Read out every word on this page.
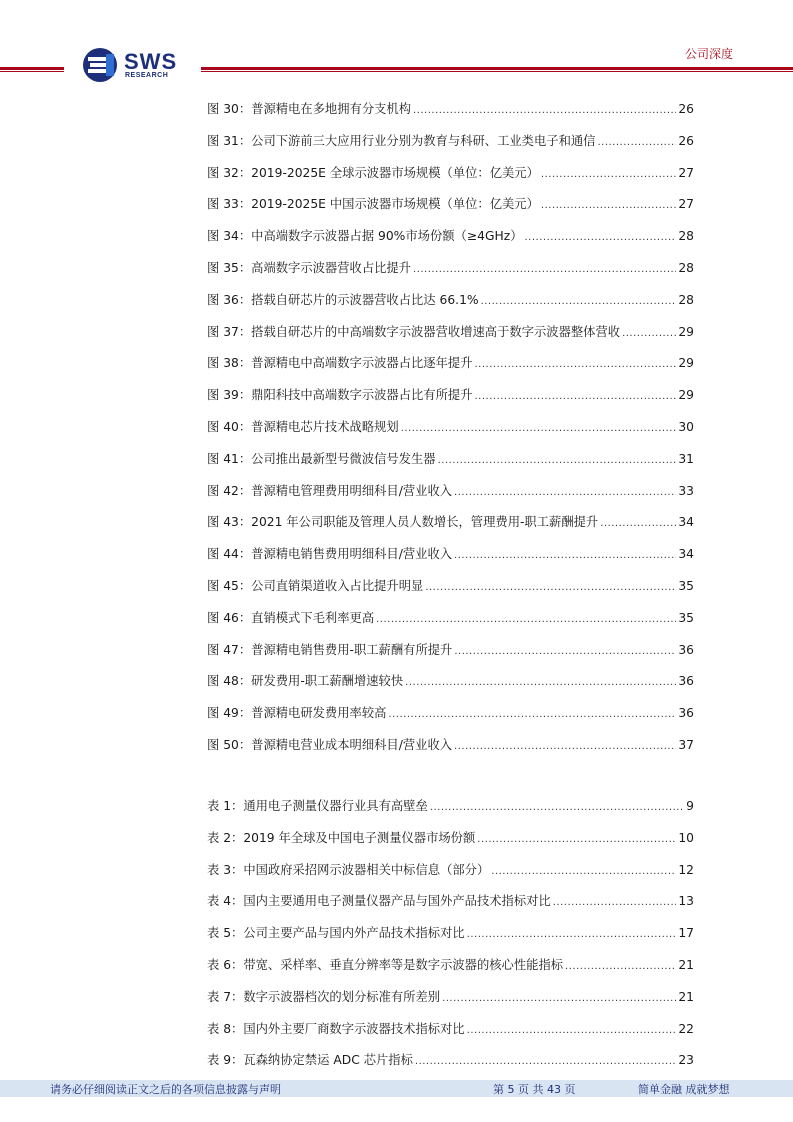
SWS
RESEARCH
公司深度
图 30：普源精电在多地拥有分支机构 .....	26
图 31：公司下游前三大应用行业分别为教育与科研、工业类电子和通信 .....	26
图 32：2019-2025E 全球示波器市场规模（单位：亿美元） .....	27
图 33：2019-2025E 中国示波器市场规模（单位：亿美元） .....	27
图 34：中高端数字示波器占据 90%市场份额（≥4GHz） .....	28
图 35：高端数字示波器营收占比提升 .....	28
图 36：搭载自研芯片的示波器营收占比达 66.1% .....	28
图 37：搭载自研芯片的中高端数字示波器营收增速高于数字示波器整体营收 .....	29
图 38：普源精电中高端数字示波器占比逐年提升 .....	29
图 39：鼎阳科技中高端数字示波器占比有所提升 .....	29
图 40：普源精电芯片技术战略规划 .....	30
图 41：公司推出最新型号微波信号发生器 .....	31
图 42：普源精电管理费用明细科目/营业收入 .....	33
图 43：2021 年公司职能及管理人员人数增长，管理费用-职工薪酬提升 .....	34
图 44：普源精电销售费用明细科目/营业收入 .....	34
图 45：公司直销渠道收入占比提升明显 .....	35
图 46：直销模式下毛利率更高 .....	35
图 47：普源精电销售费用-职工薪酬有所提升 .....	36
图 48：研发费用-职工薪酬增速较快 .....	36
图 49：普源精电研发费用率较高 .....	36
图 50：普源精电营业成本明细科目/营业收入 .....	37
表 1：通用电子测量仪器行业具有高壁垒 .....	9
表 2：2019 年全球及中国电子测量仪器市场份额 .....	10
表 3：中国政府采招网示波器相关中标信息（部分） .....	12
表 4：国内主要通用电子测量仪器产品与国外产品技术指标对比 .....	13
表 5：公司主要产品与国内外产品技术指标对比 .....	17
表 6：带宽、采样率、垂直分辨率等是数字示波器的核心性能指标 .....	21
表 7：数字示波器档次的划分标准有所差别 .....	21
表 8：国内外主要厂商数字示波器技术指标对比 .....	22
表 9：瓦森纳协定禁运 ADC 芯片指标 .....	23
请务必仔细阅读正文之后的各项信息披露与声明	第 5 页 共 43 页	简单金融 成就梦想
